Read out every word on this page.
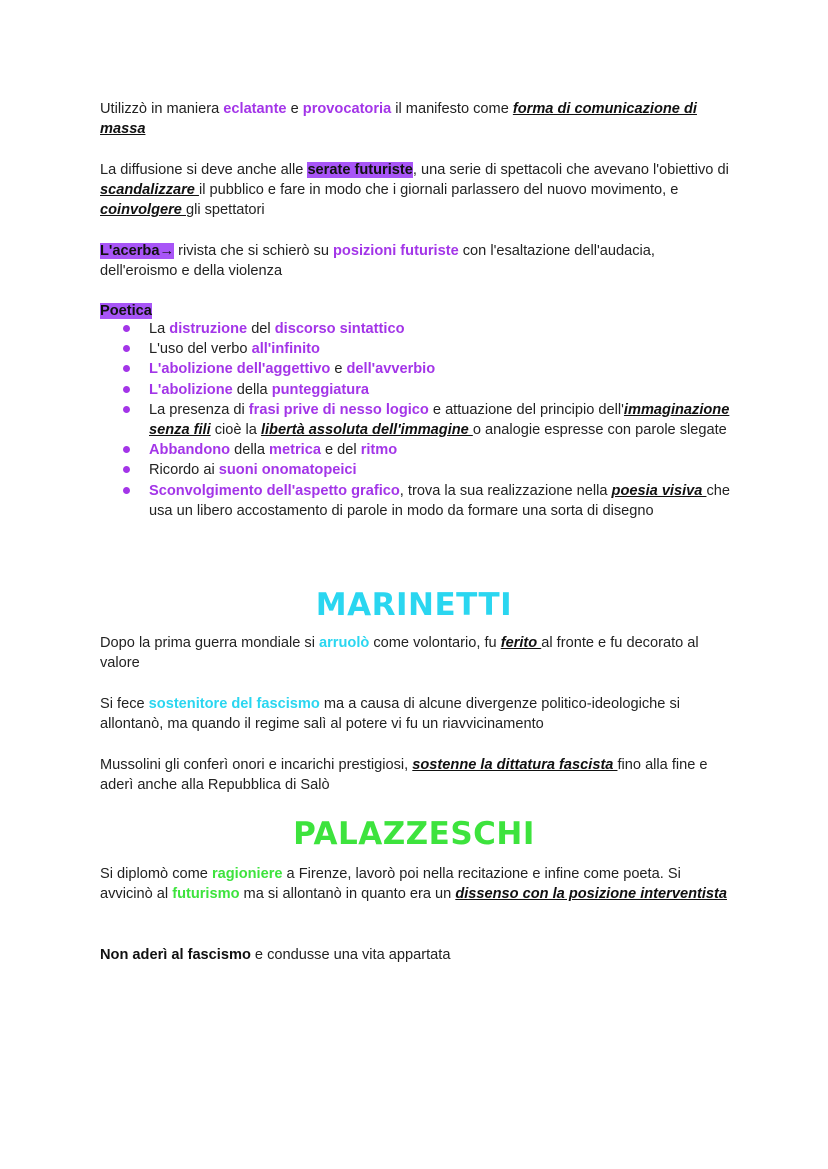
Utilizzò in maniera eclatante e provocatoria il manifesto come forma di comunicazione di massa

La diffusione si deve anche alle serate futuriste, una serie di spettacoli che avevano l'obiettivo di scandalizzare il pubblico e fare in modo che i giornali parlassero del nuovo movimento, e coinvolgere gli spettatori

L'acerba→ rivista che si schierò su posizioni futuriste con l'esaltazione dell'audacia, dell'eroismo e della violenza

Poetica

La distruzione del discorso sintattico
L'uso del verbo all'infinito
L'abolizione dell'aggettivo e dell'avverbio
L'abolizione della punteggiatura
La presenza di frasi prive di nesso logico e attuazione del principio dell'immaginazione senza fili cioè la libertà assoluta dell'immagine o analogie espresse con parole slegate
Abbandono della metrica e del ritmo
Ricordo ai suoni onomatopeici
Sconvolgimento dell'aspetto grafico, trova la sua realizzazione nella poesia visiva che usa un libero accostamento di parole in modo da formare una sorta di disegno
MARINETTI

Dopo la prima guerra mondiale si arruolò come volontario, fu ferito al fronte e fu decorato al valore

Si fece sostenitore del fascismo ma a causa di alcune divergenze politico-ideologiche si allontanò, ma quando il regime salì al potere vi fu un riavvicinamento

Mussolini gli conferì onori e incarichi prestigiosi, sostenne la dittatura fascista fino alla fine e aderì anche alla Repubblica di Salò

PALAZZESCHI

Si diplomò come ragioniere a Firenze, lavorò poi nella recitazione e infine come poeta. Si avvicinò al futurismo ma si allontanò in quanto era un dissenso con la posizione interventista

Non aderì al fascismo e condusse una vita appartata
